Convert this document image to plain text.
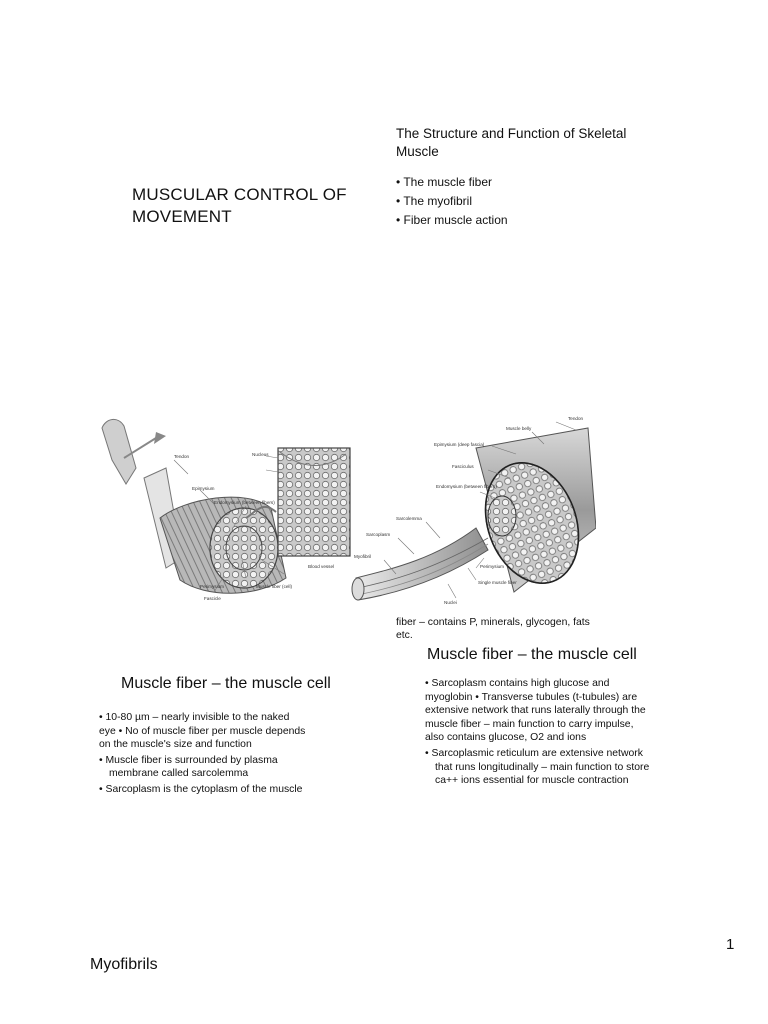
MUSCULAR CONTROL OF
MOVEMENT
The Structure and Function of Skeletal
Muscle
• The muscle fiber
• The myofibril
• Fiber muscle action
Tendon
Epimysium
Endomysium (between fibers)
Perimysium
Fascicle
Muscle fiber (cell)
Blood vessel
Nucleus
Tendon
Muscle belly
Epimysium (deep fascia)
Fasciculus
Endomysium (between fibers)
Sarcolemma
Sarcoplasm
Myofibril
Perimysium
Single muscle fiber
Nuclei
fiber – contains P, minerals, glycogen, fats
etc.
Muscle fiber – the muscle cell
• Sarcoplasm contains high glucose and
myoglobin • Transverse tubules (t-tubules) are
extensive network that runs laterally through the
muscle fiber – main function to carry impulse,
also contains glucose, O2 and ions
• Sarcoplasmic reticulum are extensive network
that runs longitudinally – main function to store
ca++ ions essential for muscle contraction
Muscle fiber – the muscle cell
• 10-80 µm – nearly invisible to the naked
eye • No of muscle fiber per muscle depends
on the muscle's size and function
• Muscle fiber is surrounded by plasma
membrane called sarcolemma
• Sarcoplasm is the cytoplasm of the muscle
1
Myofibrils
